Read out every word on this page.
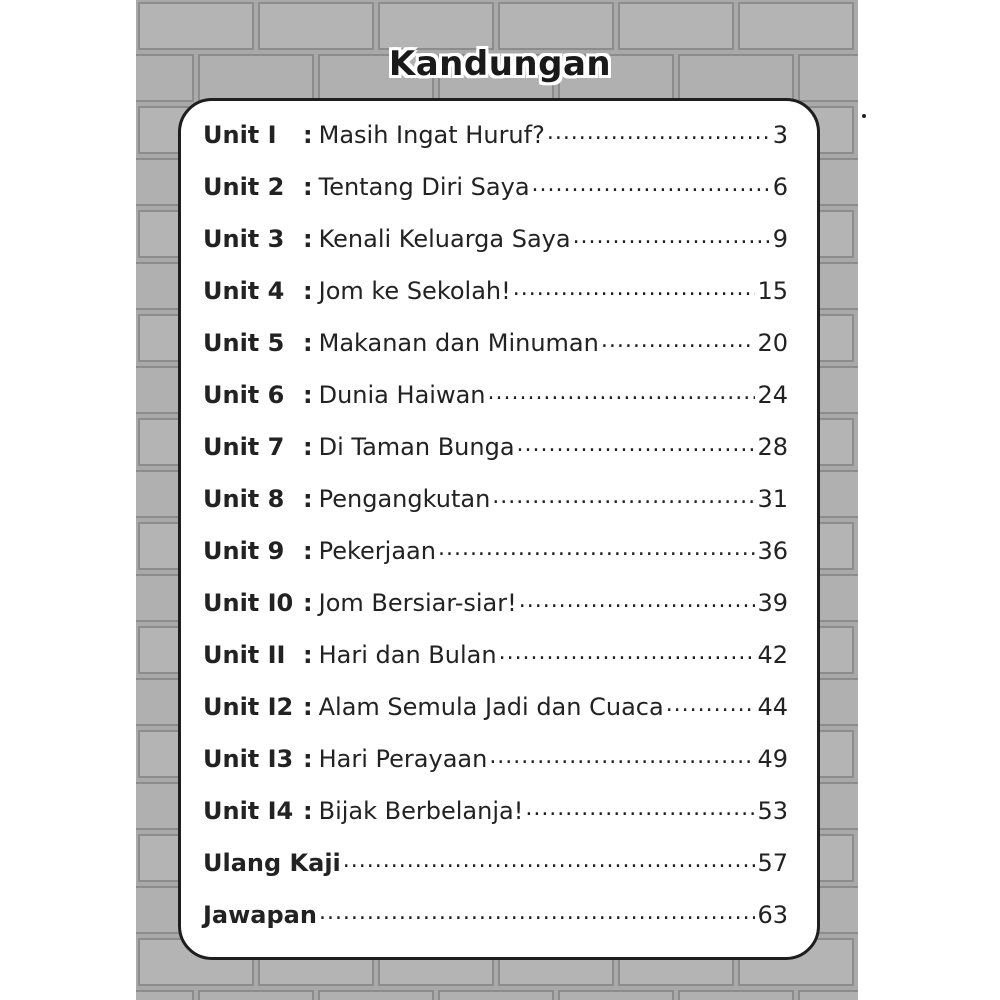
Kandungan
Unit I	: Masih Ingat Huruf? .....	3
Unit 2 : Tentang Diri Saya .....	6
Unit 3 : Kenali Keluarga Saya .....	9
Unit 4 : Jom ke Sekolah! .....	15
Unit 5 : Makanan dan Minuman .....	20
Unit 6 : Dunia Haiwan .....	24
Unit 7 : Di Taman Bunga .....	28
Unit 8 : Pengangkutan .....	31
Unit 9 : Pekerjaan .....	36
Unit I0 : Jom Bersiar-siar! .....	39
Unit II : Hari dan Bulan .....	42
Unit I2 : Alam Semula Jadi dan Cuaca .....	44
Unit I3 : Hari Perayaan .....	49
Unit I4 : Bijak Berbelanja! .....	53
Ulang Kaji .....	57
Jawapan .....	63
